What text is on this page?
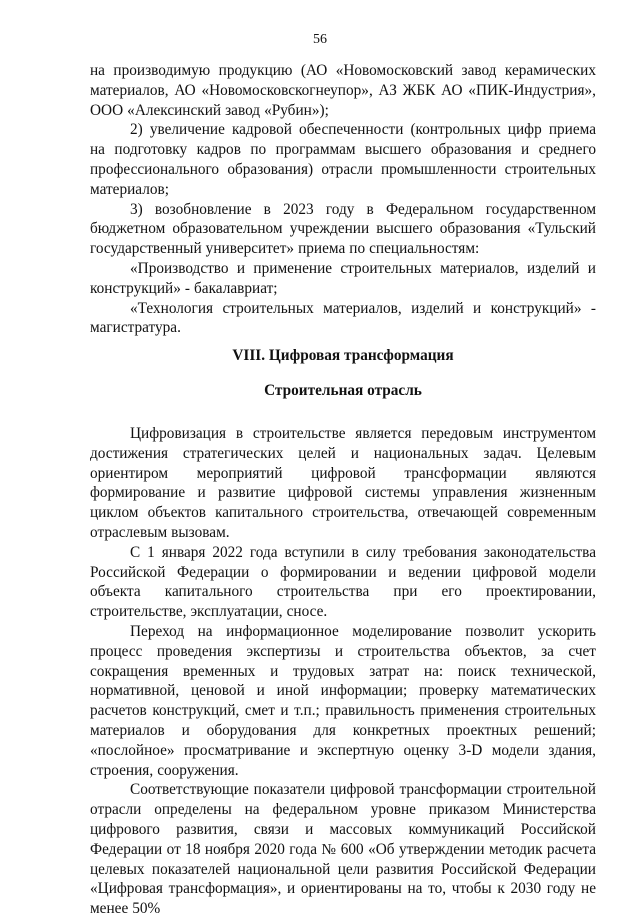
56

на производимую продукцию (АО «Новомосковский завод керамических материалов, АО «Новомосковскогнеупор», АЗ ЖБК АО «ПИК-Индустрия», ООО «Алексинский завод «Рубин»);

2) увеличение кадровой обеспеченности (контрольных цифр приема на подготовку кадров по программам высшего образования и среднего профессионального образования) отрасли промышленности строительных материалов;

3) возобновление в 2023 году в Федеральном государственном бюджетном образовательном учреждении высшего образования «Тульский государственный университет» приема по специальностям:

«Производство и применение строительных материалов, изделий и конструкций» - бакалавриат;

«Технология строительных материалов, изделий и конструкций» - магистратура.

VIII. Цифровая трансформация
Строительная отрасль

Цифровизация в строительстве является передовым инструментом достижения стратегических целей и национальных задач. Целевым ориентиром мероприятий цифровой трансформации являются формирование и развитие цифровой системы управления жизненным циклом объектов капитального строительства, отвечающей современным отраслевым вызовам.

С 1 января 2022 года вступили в силу требования законодательства Российской Федерации о формировании и ведении цифровой модели объекта капитального строительства при его проектировании, строительстве, эксплуатации, сносе.

Переход на информационное моделирование позволит ускорить процесс проведения экспертизы и строительства объектов, за счет сокращения временных и трудовых затрат на: поиск технической, нормативной, ценовой и иной информации; проверку математических расчетов конструкций, смет и т.п.; правильность применения строительных материалов и оборудования для конкретных проектных решений; «послойное» просматривание и экспертную оценку 3-D модели здания, строения, сооружения.

Соответствующие показатели цифровой трансформации строительной отрасли определены на федеральном уровне приказом Министерства цифрового развития, связи и массовых коммуникаций Российской Федерации от 18 ноября 2020 года № 600 «Об утверждении методик расчета целевых показателей национальной цели развития Российской Федерации «Цифровая трансформация», и ориентированы на то, чтобы к 2030 году не менее 50%
